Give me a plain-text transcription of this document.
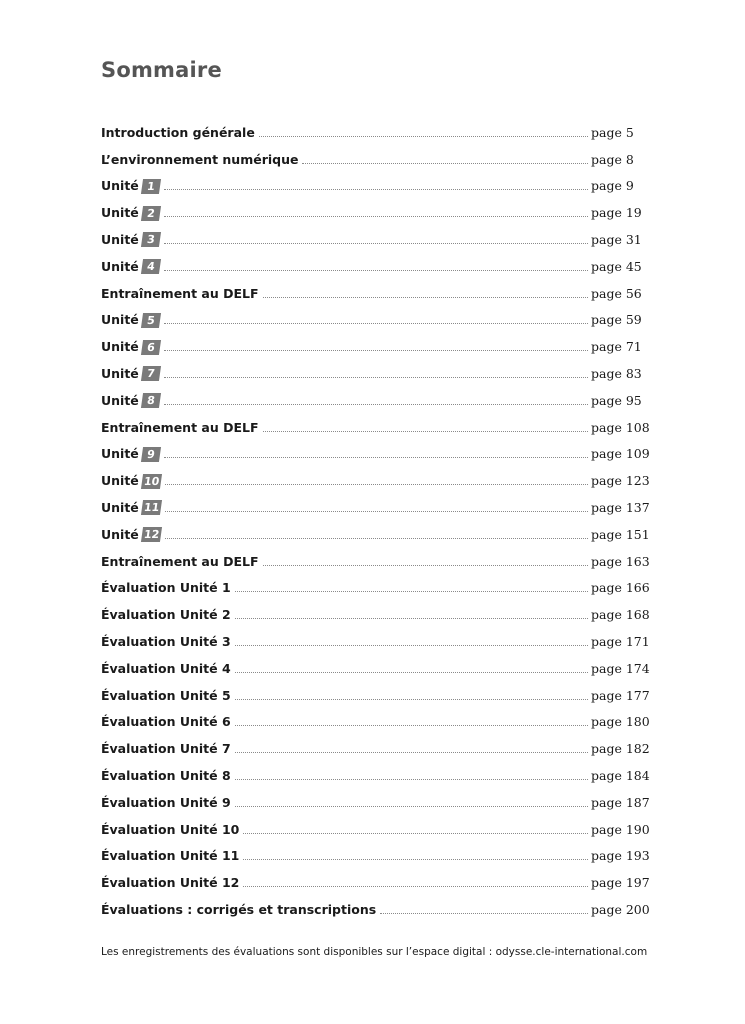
Sommaire
Introduction générale	page 5
L’environnement numérique	page 8
Unité 1	page 9
Unité 2	page 19
Unité 3	page 31
Unité 4	page 45
Entraînement au DELF	page 56
Unité 5	page 59
Unité 6	page 71
Unité 7	page 83
Unité 8	page 95
Entraînement au DELF	page 108
Unité 9	page 109
Unité 10	page 123
Unité 11	page 137
Unité 12	page 151
Entraînement au DELF	page 163
Évaluation Unité 1	page 166
Évaluation Unité 2	page 168
Évaluation Unité 3	page 171
Évaluation Unité 4	page 174
Évaluation Unité 5	page 177
Évaluation Unité 6	page 180
Évaluation Unité 7	page 182
Évaluation Unité 8	page 184
Évaluation Unité 9	page 187
Évaluation Unité 10	page 190
Évaluation Unité 11	page 193
Évaluation Unité 12	page 197
Évaluations : corrigés et transcriptions	page 200

Les enregistrements des évaluations sont disponibles sur l’espace digital : odysse.cle-international.com
